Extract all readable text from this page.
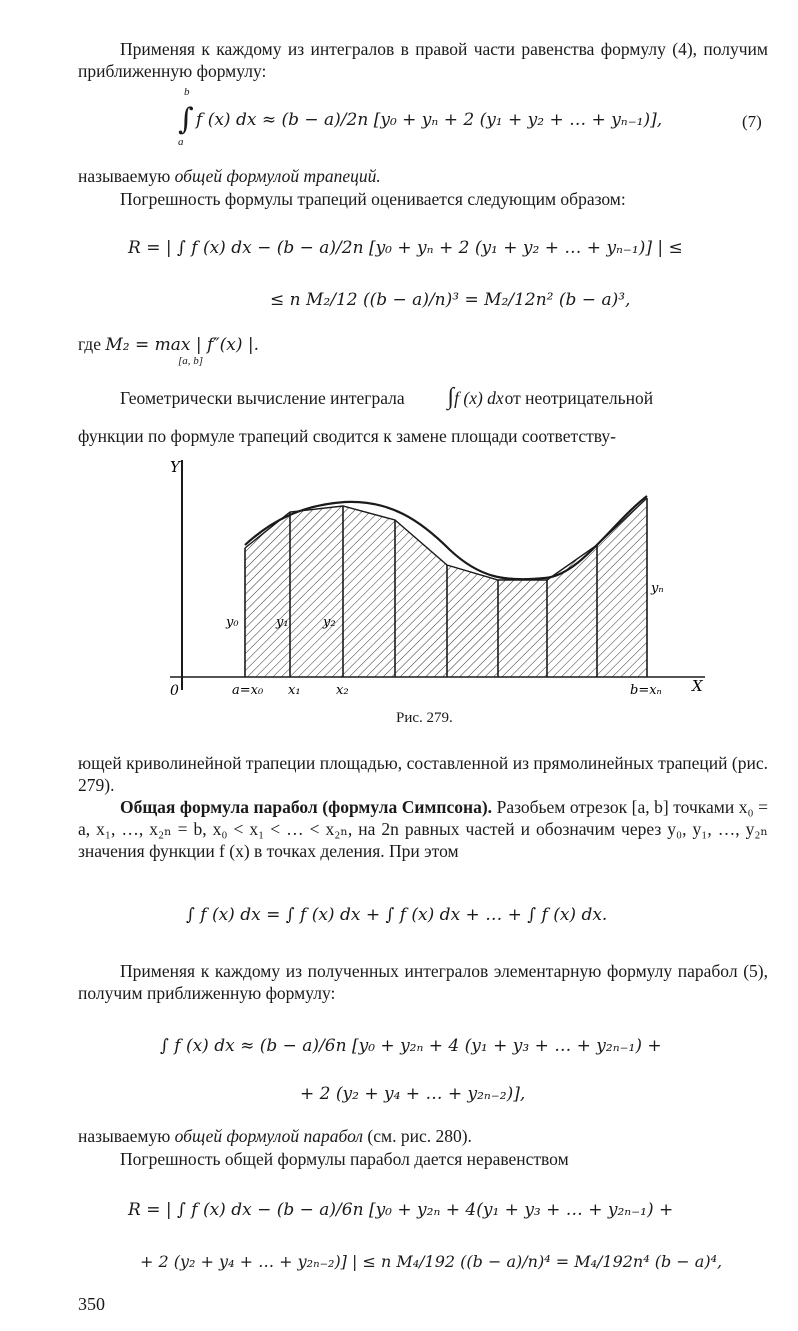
Применяя к каждому из интегралов в правой части равенства формулу (4), получим приближенную формулу:
b
a
∫ f (x) dx ≈ (b − a)/2n [y₀ + yₙ + 2 (y₁ + y₂ + … + yₙ₋₁)],	(7)
называемую общей формулой трапеций.
Погрешность формулы трапеций оценивается следующим образом:
R = | ∫ f (x) dx − (b − a)/2n [y₀ + yₙ + 2 (y₁ + y₂ + … + yₙ₋₁)] | ≤
≤ n M₂/12 ((b − a)/n)³ = M₂/12n² (b − a)³,
где M₂ = max | f″(x) |.
[a, b]
Геометрически вычисление интеграла ∫f (x) dxот неотрицательной
функции по формуле трапеций сводится к замене площади соответству-
Y
X
0
y₀	y₁	y₂
yₙ
a=x₀ x₁	x₂	b=xₙ
Рис. 279.
ющей криволинейной трапеции площадью, составленной из прямолинейных трапеций (рис. 279).
Общая формула парабол (формула Симпсона). Разобьем отрезок [a, b] точками x₀ = a, x₁, …, x₂ₙ = b, x₀ < x₁ < … < x₂ₙ, на 2n равных частей и обозначим через y₀, y₁, …, y₂ₙ значения функции f (x) в точках деления. При этом
∫ f (x) dx = ∫ f (x) dx + ∫ f (x) dx + … + ∫ f (x) dx.
Применяя к каждому из полученных интегралов элементарную формулу парабол (5), получим приближенную формулу:
∫ f (x) dx ≈ (b − a)/6n [y₀ + y₂ₙ + 4 (y₁ + y₃ + … + y₂ₙ₋₁) +
+ 2 (y₂ + y₄ + … + y₂ₙ₋₂)],
называемую общей формулой парабол (см. рис. 280).
Погрешность общей формулы парабол дается неравенством
R = | ∫ f (x) dx − (b − a)/6n [y₀ + y₂ₙ + 4(y₁ + y₃ + … + y₂ₙ₋₁) +
+ 2 (y₂ + y₄ + … + y₂ₙ₋₂)] | ≤ n M₄/192 ((b − a)/n)⁴ = M₄/192n⁴ (b − a)⁴,
350
